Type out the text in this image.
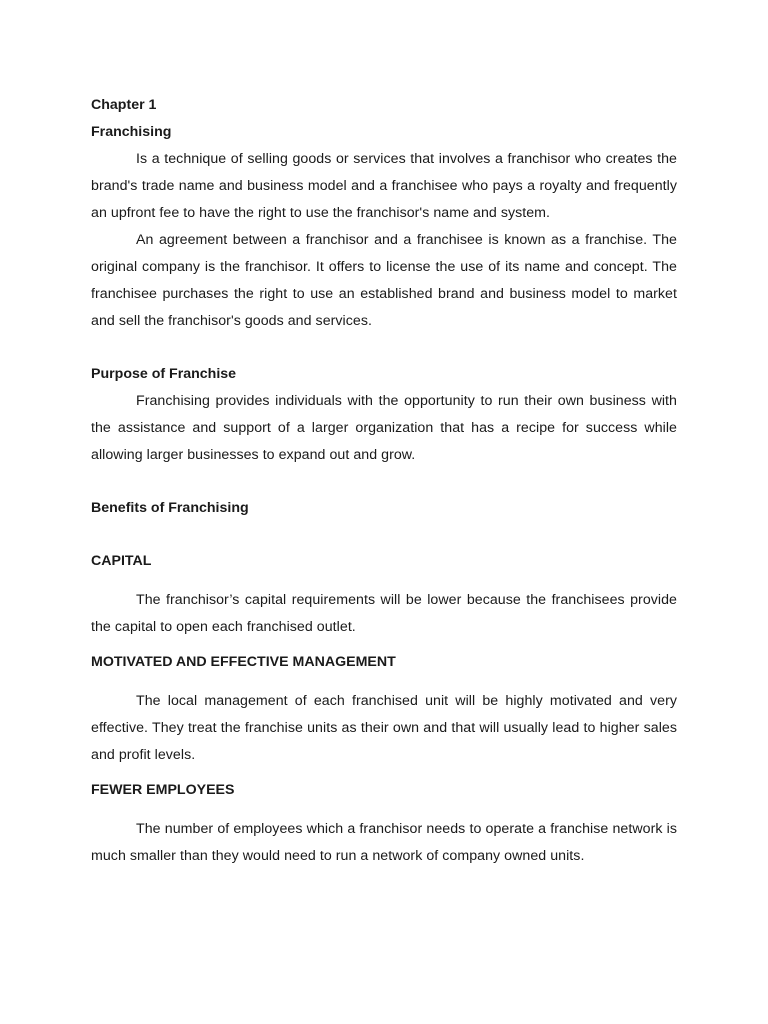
Chapter 1

Franchising

Is a technique of selling goods or services that involves a franchisor who creates the brand's trade name and business model and a franchisee who pays a royalty and frequently an upfront fee to have the right to use the franchisor's name and system.

An agreement between a franchisor and a franchisee is known as a franchise. The original company is the franchisor. It offers to license the use of its name and concept. The franchisee purchases the right to use an established brand and business model to market and sell the franchisor's goods and services.

Purpose of Franchise

Franchising provides individuals with the opportunity to run their own business with the assistance and support of a larger organization that has a recipe for success while allowing larger businesses to expand out and grow.

Benefits of Franchising

CAPITAL

The franchisor’s capital requirements will be lower because the franchisees provide the capital to open each franchised outlet.

MOTIVATED AND EFFECTIVE MANAGEMENT

The local management of each franchised unit will be highly motivated and very effective. They treat the franchise units as their own and that will usually lead to higher sales and profit levels.

FEWER EMPLOYEES

The number of employees which a franchisor needs to operate a franchise network is much smaller than they would need to run a network of company owned units.
